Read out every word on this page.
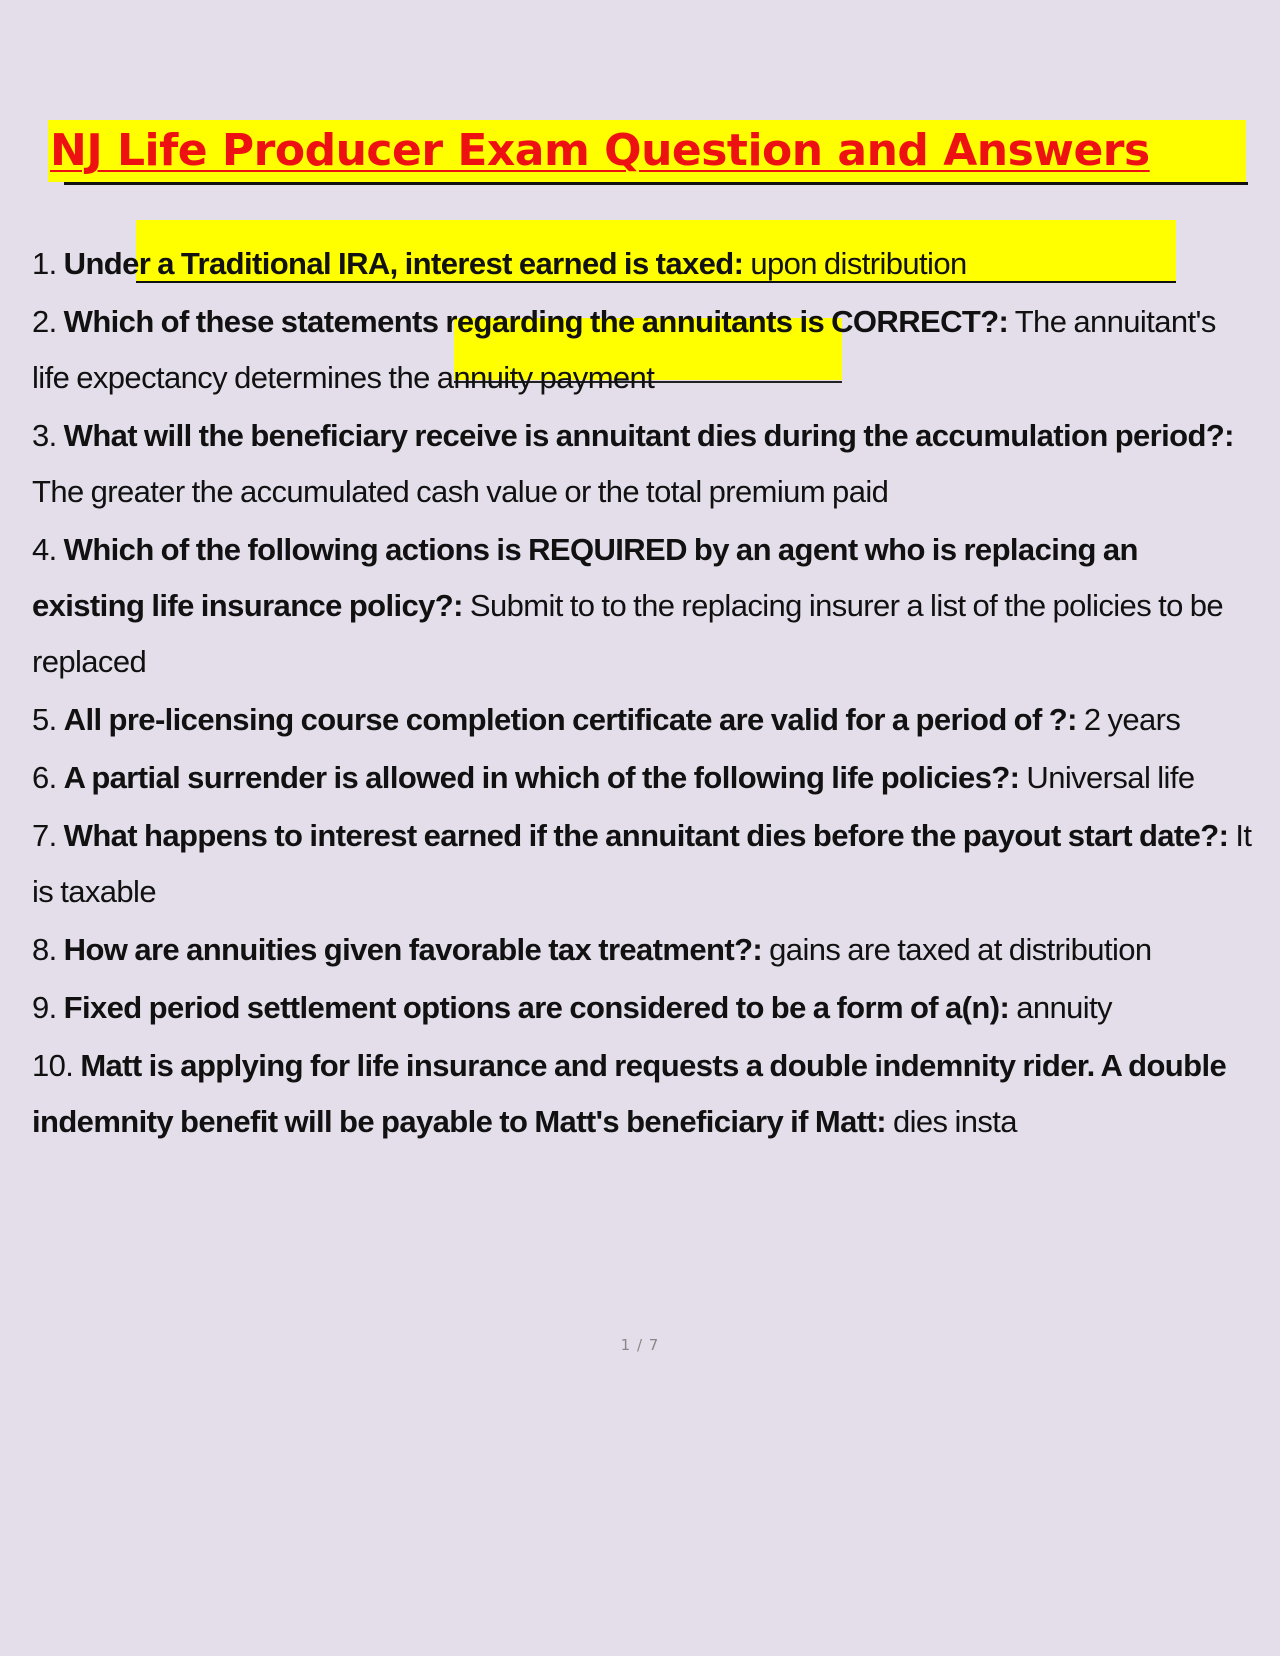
NJ Life Producer Exam Question and Answers
1. Under a Traditional IRA, interest earned is taxed: upon distribution
2. Which of these statements regarding the annuitants is CORRECT?: The annuitant's life expectancy determines the annuity payment
3. What will the beneficiary receive is annuitant dies during the accumulation period?: The greater the accumulated cash value or the total premium paid
4. Which of the following actions is REQUIRED by an agent who is replacing an existing life insurance policy?: Submit to to the replacing insurer a list of the policies to be replaced
5. All pre-licensing course completion certificate are valid for a period of ?: 2 years
6. A partial surrender is allowed in which of the following life policies?: Universal life
7. What happens to interest earned if the annuitant dies before the payout start date?: It is taxable
8. How are annuities given favorable tax treatment?: gains are taxed at distribution
9. Fixed period settlement options are considered to be a form of a(n): annuity
10. Matt is applying for life insurance and requests a double indemnity rider. A double indemnity benefit will be payable to Matt's beneficiary if Matt: dies insta
1 / 7
